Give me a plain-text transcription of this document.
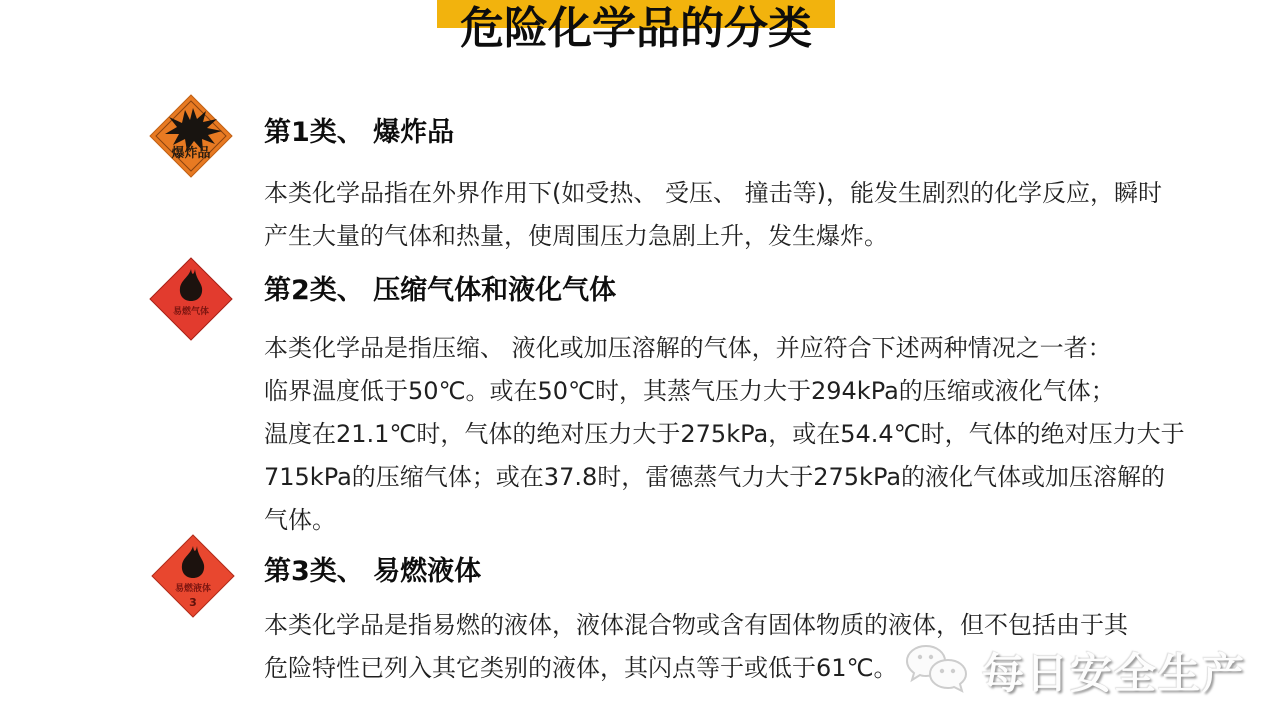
危险化学品的分类
爆炸品
第1类、 爆炸品
本类化学品指在外界作用下(如受热、 受压、 撞击等)，能发生剧烈的化学反应，瞬时
产生大量的气体和热量，使周围压力急剧上升，发生爆炸。
易燃气体
第2类、 压缩气体和液化气体
本类化学品是指压缩、 液化或加压溶解的气体，并应符合下述两种情况之一者：
临界温度低于50℃。或在50℃时，其蒸气压力大于294kPa的压缩或液化气体；
温度在21.1℃时，气体的绝对压力大于275kPa，或在54.4℃时，气体的绝对压力大于
715kPa的压缩气体；或在37.8时，雷德蒸气力大于275kPa的液化气体或加压溶解的
气体。
易燃液体
3
第3类、 易燃液体
本类化学品是指易燃的液体，液体混合物或含有固体物质的液体，但不包括由于其
危险特性已列入其它类别的液体，其闪点等于或低于61℃。	每日安全生产
